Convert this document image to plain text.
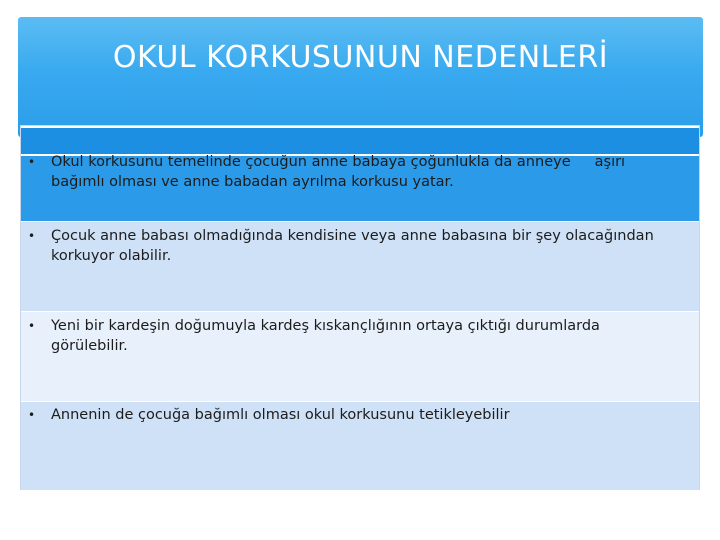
OKUL KORKUSUNUN NEDENLERİ
• Okul korkusunu temelinde çocuğun anne babaya çoğunlukla da anneye aşırı
bağımlı olması ve anne babadan ayrılma korkusu yatar.
• Çocuk anne babası olmadığında kendisine veya anne babasına bir şey olacağından
korkuyor olabilir.
• Yeni bir kardeşin doğumuyla kardeş kıskançlığının ortaya çıktığı durumlarda
görülebilir.
• Annenin de çocuğa bağımlı olması okul korkusunu tetikleyebilir
